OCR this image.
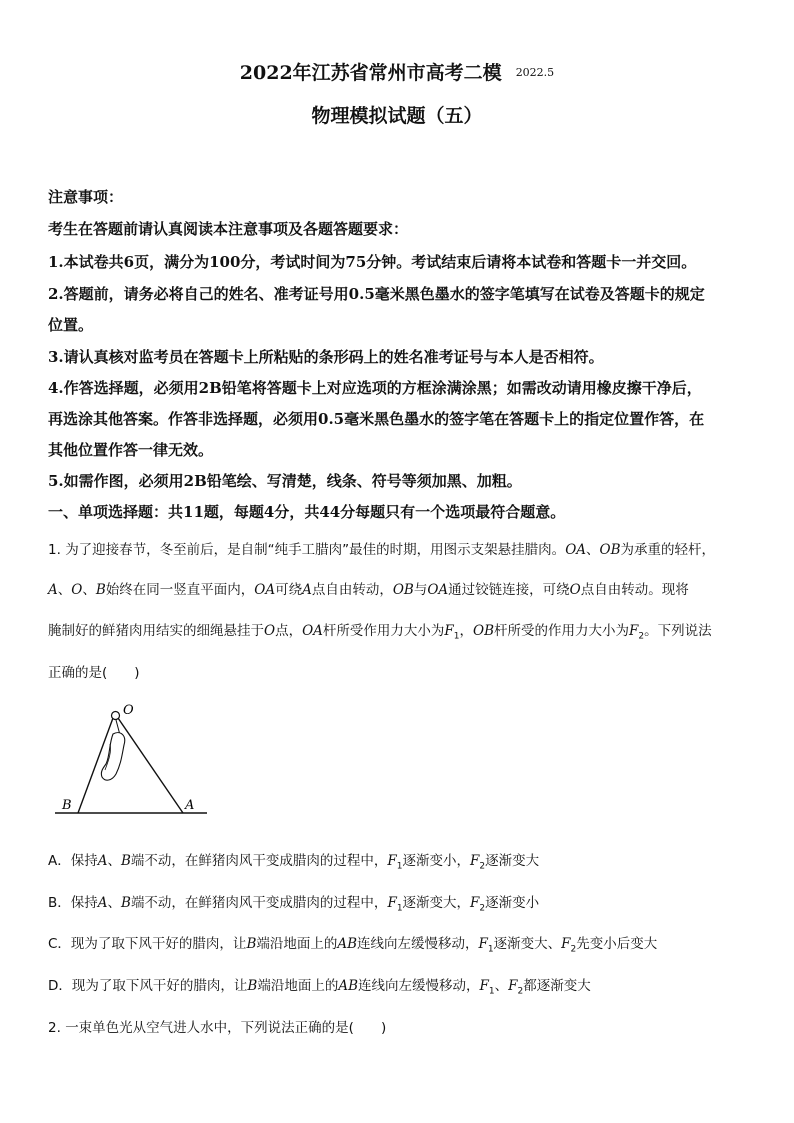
2022年江苏省常州市高考二模 2022.5
物理模拟试题（五）
注意事项：
考生在答题前请认真阅读本注意事项及各题答题要求：
1.本试卷共6页，满分为100分，考试时间为75分钟。考试结束后请将本试卷和答题卡一并交回。
2.答题前，请务必将自己的姓名、准考证号用0.5毫米黑色墨水的签字笔填写在试卷及答题卡的规定
位置。
3.请认真核对监考员在答题卡上所粘贴的条形码上的姓名准考证号与本人是否相符。
4.作答选择题，必须用2B铅笔将答题卡上对应选项的方框涂满涂黑；如需改动请用橡皮擦干净后，
再选涂其他答案。作答非选择题，必须用0.5毫米黑色墨水的签字笔在答题卡上的指定位置作答，在
其他位置作答一律无效。
5.如需作图，必须用2B铅笔绘、写清楚，线条、符号等须加黑、加粗。
一、单项选择题：共11题，每题4分，共44分每题只有一个选项最符合题意。
1. 为了迎接春节，冬至前后，是自制“纯手工腊肉”最佳的时期，用图示支架悬挂腊肉。OA、OB为承重的轻杆，
A、O、B始终在同一竖直平面内，OA可绕A点自由转动，OB与OA通过铰链连接，可绕O点自由转动。现将
腌制好的鲜猪肉用结实的细绳悬挂于O点，OA杆所受作用力大小为$F_1$，OB杆所受的作用力大小为$F_2$。下列说法
正确的是(　　)
O
B	A
A．保持A、B端不动，在鲜猪肉风干变成腊肉的过程中，$F_1$逐渐变小，$F_2$逐渐变大
B．保持A、B端不动，在鲜猪肉风干变成腊肉的过程中，$F_1$逐渐变大，$F_2$逐渐变小
C．现为了取下风干好的腊肉，让B端沿地面上的AB连线向左缓慢移动，$F_1$逐渐变大、$F_2$先变小后变大
D．现为了取下风干好的腊肉，让B端沿地面上的AB连线向左缓慢移动，$F_1$、$F_2$都逐渐变大
2. 一束单色光从空气进人水中，下列说法正确的是(　　)
